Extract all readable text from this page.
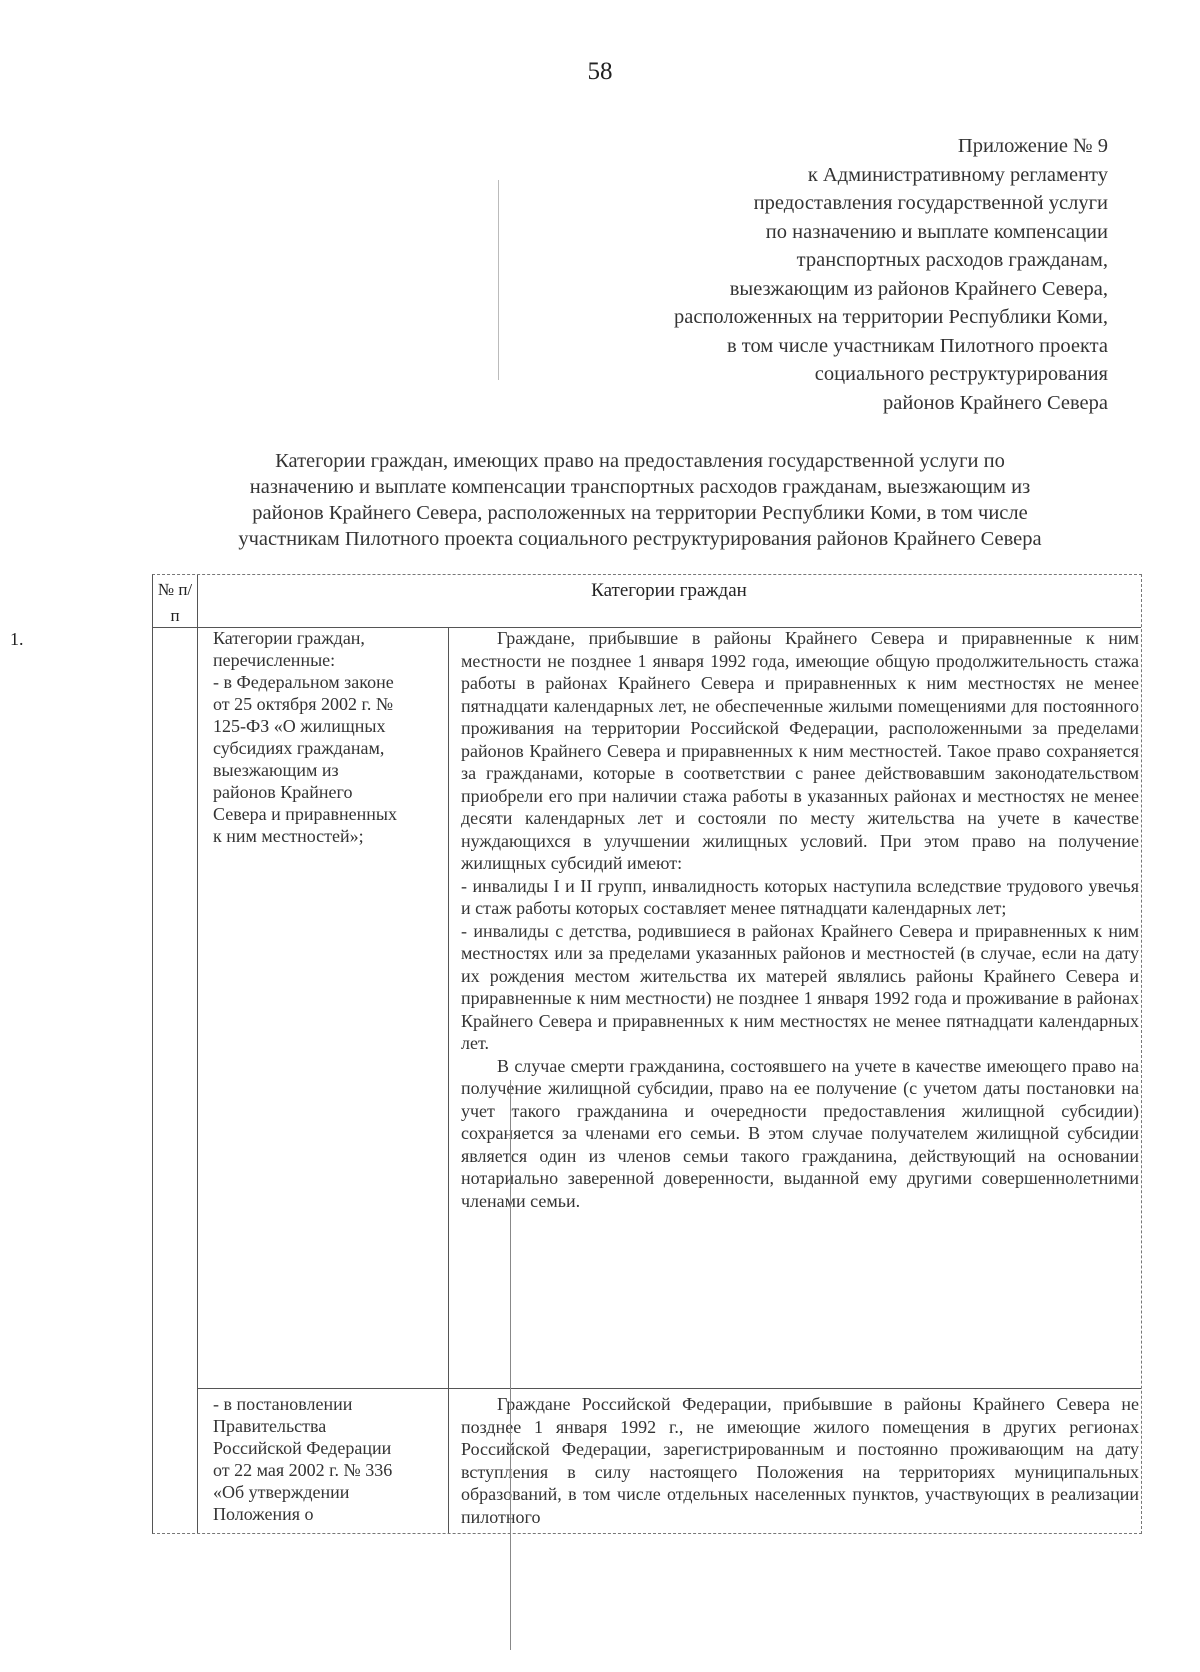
58
Приложение № 9
к Административному регламенту
предоставления государственной услуги
по назначению и выплате компенсации
транспортных расходов гражданам,
выезжающим из районов Крайнего Севера,
расположенных на территории Республики Коми,
в том числе участникам Пилотного проекта
социального реструктурирования
районов Крайнего Севера
Категории граждан, имеющих право на предоставления государственной услуги по
назначению и выплате компенсации транспортных расходов гражданам, выезжающим из
районов Крайнего Севера, расположенных на территории Республики Коми, в том числе
участникам Пилотного проекта социального реструктурирования районов Крайнего Севера
№ п/п
Категории граждан
1.	Категории граждан,
перечисленные:
- в Федеральном законе
от 25 октября 2002 г. №
125-ФЗ «О жилищных
субсидиях гражданам,
выезжающим из
районов Крайнего
Севера и приравненных
к ним местностей»;

Граждане, прибывшие в районы Крайнего Севера и приравненные к ним местности не позднее 1 января 1992 года, имеющие общую продолжительность стажа работы в районах Крайнего Севера и приравненных к ним местностях не менее пятнадцати календарных лет, не обеспеченные жилыми помещениями для постоянного проживания на территории Российской Федерации, расположенными за пределами районов Крайнего Севера и приравненных к ним местностей. Такое право сохраняется за гражданами, которые в соответствии с ранее действовавшим законодательством приобрели его при наличии стажа работы в указанных районах и местностях не менее десяти календарных лет и состояли по месту жительства на учете в качестве нуждающихся в улучшении жилищных условий. При этом право на получение жилищных субсидий имеют:

- инвалиды I и II групп, инвалидность которых наступила вследствие трудового увечья и стаж работы которых составляет менее пятнадцати календарных лет;

- инвалиды с детства, родившиеся в районах Крайнего Севера и приравненных к ним местностях или за пределами указанных районов и местностей (в случае, если на дату их рождения местом жительства их матерей являлись районы Крайнего Севера и приравненные к ним местности) не позднее 1 января 1992 года и проживание в районах Крайнего Севера и приравненных к ним местностях не менее пятнадцати календарных лет.

В случае смерти гражданина, состоявшего на учете в качестве имеющего право на получение жилищной субсидии, право на ее получение (с учетом даты постановки на учет такого гражданина и очередности предоставления жилищной субсидии) сохраняется за членами его семьи. В этом случае получателем жилищной субсидии является один из членов семьи такого гражданина, действующий на основании нотариально заверенной доверенности, выданной ему другими совершеннолетними членами семьи.

- в постановлении
Правительства
Российской Федерации
от 22 мая 2002 г. № 336
«Об утверждении
Положения о

Граждане Российской Федерации, прибывшие в районы Крайнего Севера не позднее 1 января 1992 г., не имеющие жилого помещения в других регионах Российской Федерации, зарегистрированным и постоянно проживающим на дату вступления в силу настоящего Положения на территориях муниципальных образований, в том числе отдельных населенных пунктов, участвующих в реализации пилотного
